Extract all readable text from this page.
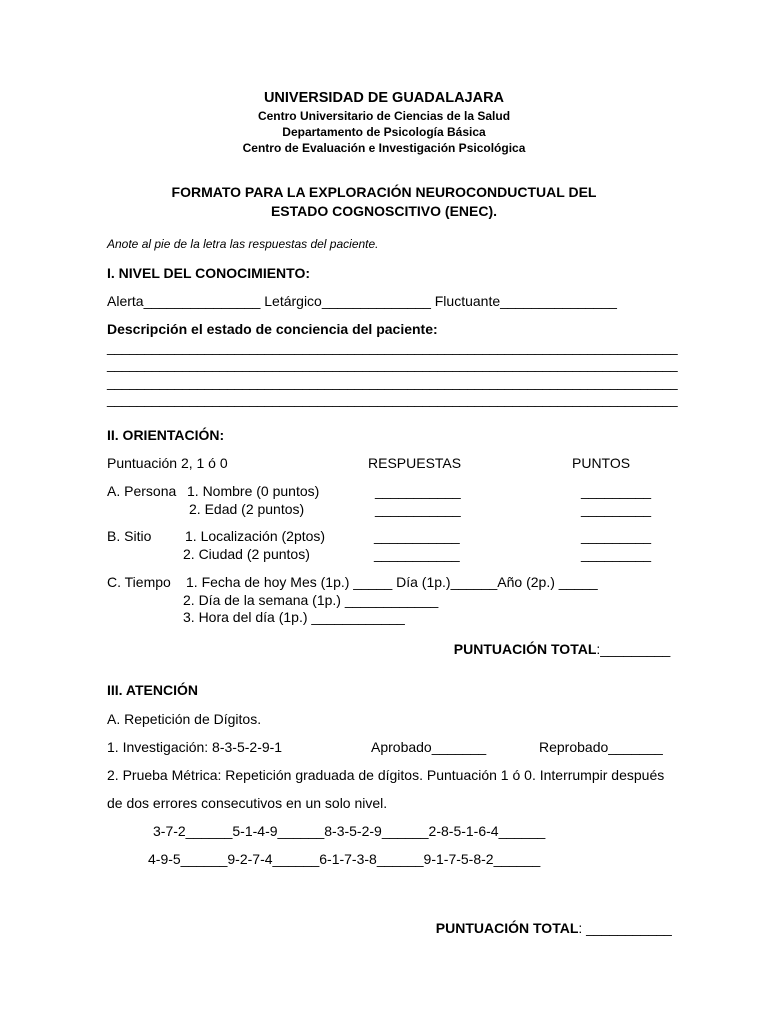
UNIVERSIDAD DE GUADALAJARA
Centro Universitario de Ciencias de la Salud
Departamento de Psicología Básica
Centro de Evaluación e Investigación Psicológica
FORMATO PARA LA EXPLORACIÓN NEUROCONDUCTUAL DEL
ESTADO COGNOSCITIVO (ENEC).
Anote al pie de la letra las respuestas del paciente.
I. NIVEL DEL CONOCIMIENTO:
Alerta_______________ Letárgico______________ Fluctuante_______________
Descripción el estado de conciencia del paciente:
____________________________________________________________________________
____________________________________________________________________________
____________________________________________________________________________
____________________________________________________________________________
II. ORIENTACIÓN:
Puntuación 2, 1 ó 0	RESPUESTAS	PUNTOS
A. Persona 1. Nombre (0 puntos)	___________	_________
2. Edad (2 puntos)	___________	_________
B. Sitio 1. Localización (2ptos)	___________	_________
2. Ciudad (2 puntos)	___________	_________
C. Tiempo 1. Fecha de hoy Mes (1p.) _____ Día (1p.)______Año (2p.) _____
2. Día de la semana (1p.) ____________
3. Hora del día (1p.) ____________

PUNTUACIÓN TOTAL:_________

III. ATENCIÓN
A. Repetición de Dígitos.
1. Investigación: 8-3-5-2-9-1	Aprobado_______	Reprobado_______
2. Prueba Métrica: Repetición graduada de dígitos. Puntuación 1 ó 0. Interrumpir después
de dos errores consecutivos en un solo nivel.
3-7-2______5-1-4-9______8-3-5-2-9______2-8-5-1-6-4______
4-9-5______9-2-7-4______6-1-7-3-8______9-1-7-5-8-2______

PUNTUACIÓN TOTAL: ___________
